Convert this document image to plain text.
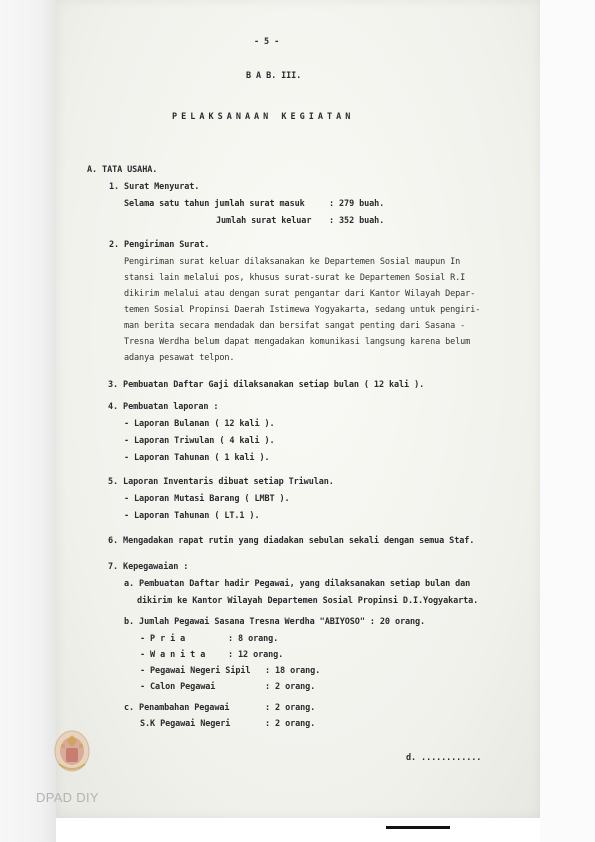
- 5 -
B A B. III.
PELAKSANAAN KEGIATAN
A. TATA USAHA.
1. Surat Menyurat.
Selama satu tahun jumlah surat masuk	: 279 buah.
Jumlah surat keluar : 352 buah.
2. Pengiriman Surat.
Pengiriman surat keluar dilaksanakan ke Departemen Sosial maupun In
stansi lain melalui pos, khusus surat-surat ke Departemen Sosial R.I
dikirim melalui atau dengan surat pengantar dari Kantor Wilayah Depar-
temen Sosial Propinsi Daerah Istimewa Yogyakarta, sedang untuk pengiri-
man berita secara mendadak dan bersifat sangat penting dari Sasana -
Tresna Werdha belum dapat mengadakan komunikasi langsung karena belum
adanya pesawat telpon.
3. Pembuatan Daftar Gaji dilaksanakan setiap bulan ( 12 kali ).
4. Pembuatan laporan :
- Laporan Bulanan ( 12 kali ).
- Laporan Triwulan ( 4 kali ).
- Laporan Tahunan ( 1 kali ).
5. Laporan Inventaris dibuat setiap Triwulan.
- Laporan Mutasi Barang ( LMBT ).
- Laporan Tahunan ( LT.1 ).
6. Mengadakan rapat rutin yang diadakan sebulan sekali dengan semua Staf.
7. Kepegawaian :
a. Pembuatan Daftar hadir Pegawai, yang dilaksanakan setiap bulan dan
dikirim ke Kantor Wilayah Departemen Sosial Propinsi D.I.Yogyakarta.
b. Jumlah Pegawai Sasana Tresna Werdha "ABIYOSO" : 20 orang.
- P r i a	: 8 orang.
- W a n i t a	: 12 orang.
- Pegawai Negeri Sipil : 18 orang.
- Calon Pegawai	: 2 orang.
c. Penambahan Pegawai	: 2 orang.
S.K Pegawai Negeri	: 2 orang.
d. ............
DPAD DIY
